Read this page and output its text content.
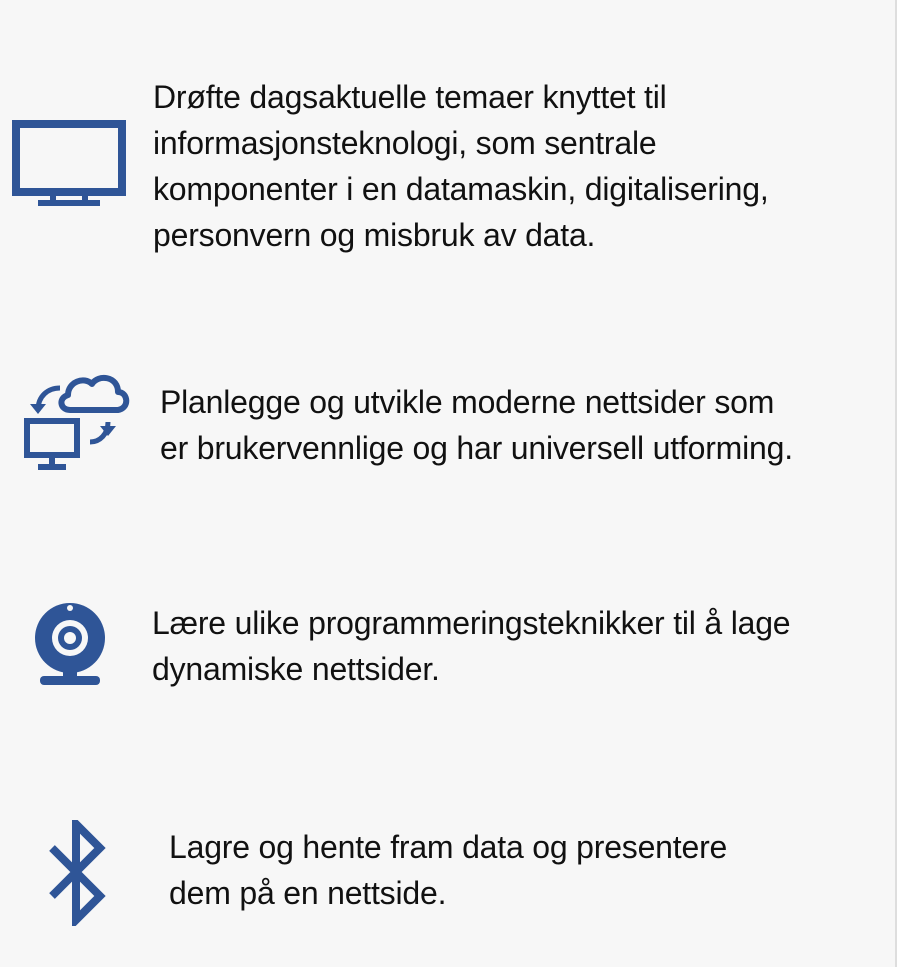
Drøfte dagsaktuelle temaer knyttet til
informasjonsteknologi, som sentrale
komponenter i en datamaskin, digitalisering,
personvern og misbruk av data.
Planlegge og utvikle moderne nettsider som
er brukervennlige og har universell utforming.
Lære ulike programmeringsteknikker til å lage
dynamiske nettsider.
Lagre og hente fram data og presentere
dem på en nettside.
